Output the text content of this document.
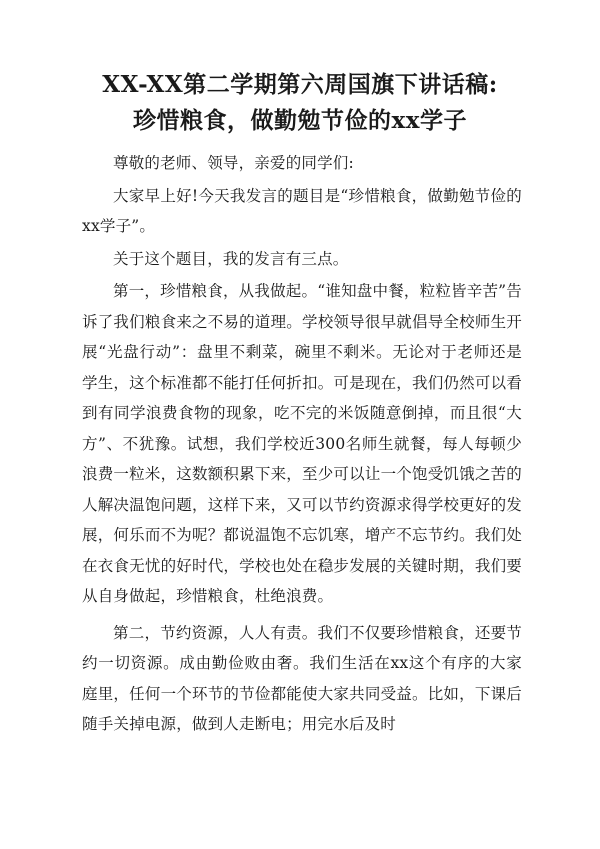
XX-XX第二学期第六周国旗下讲话稿:
珍惜粮食，做勤勉节俭的xx学子

尊敬的老师、领导，亲爱的同学们:

大家早上好!今天我发言的题目是“珍惜粮食，做勤勉节俭的xx学子”。

关于这个题目，我的发言有三点。

第一，珍惜粮食，从我做起。“谁知盘中餐，粒粒皆辛苦”告诉了我们粮食来之不易的道理。学校领导很早就倡导全校师生开展“光盘行动”：盘里不剩菜，碗里不剩米。无论对于老师还是学生，这个标准都不能打任何折扣。可是现在，我们仍然可以看到有同学浪费食物的现象，吃不完的米饭随意倒掉，而且很“大方”、不犹豫。试想，我们学校近300名师生就餐，每人每顿少浪费一粒米，这数额积累下来，至少可以让一个饱受饥饿之苦的人解决温饱问题，这样下来，又可以节约资源求得学校更好的发展，何乐而不为呢？都说温饱不忘饥寒，增产不忘节约。我们处在衣食无忧的好时代，学校也处在稳步发展的关键时期，我们要从自身做起，珍惜粮食，杜绝浪费。

第二，节约资源，人人有责。我们不仅要珍惜粮食，还要节约一切资源。成由勤俭败由奢。我们生活在xx这个有序的大家庭里，任何一个环节的节俭都能使大家共同受益。比如，下课后随手关掉电源，做到人走断电；用完水后及时
